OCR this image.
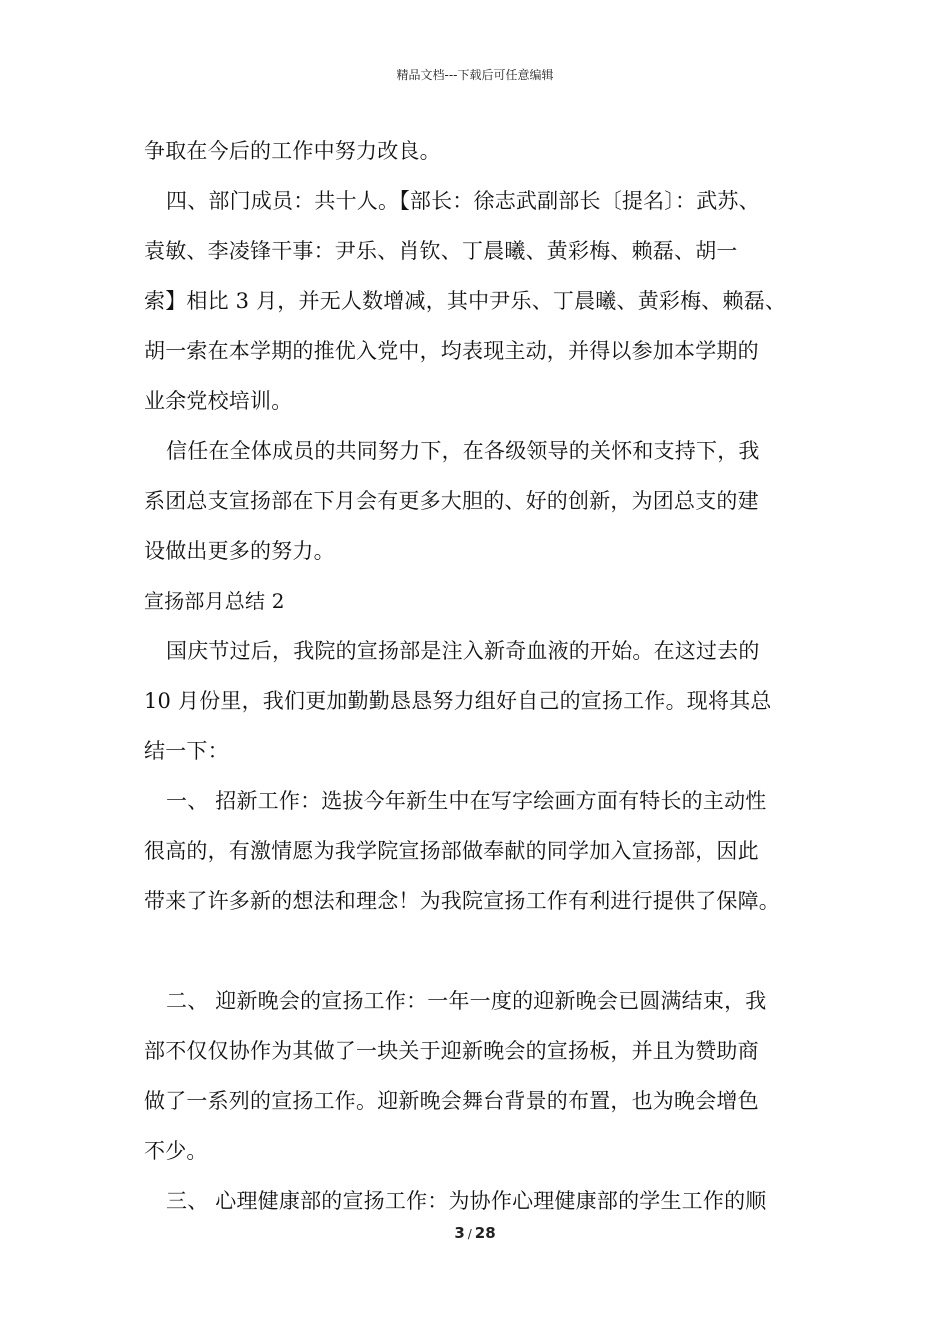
精品文档---下载后可任意编辑
争取在今后的工作中努力改良。
四、部门成员：共十人。【部长：徐志武副部长〔提名〕：武苏、
袁敏、李凌锋干事：尹乐、肖钦、丁晨曦、黄彩梅、赖磊、胡一
索】相比 3 月，并无人数增减，其中尹乐、丁晨曦、黄彩梅、赖磊、
胡一索在本学期的推优入党中，均表现主动，并得以参加本学期的
业余党校培训。
信任在全体成员的共同努力下，在各级领导的关怀和支持下，我
系团总支宣扬部在下月会有更多大胆的、好的创新，为团总支的建
设做出更多的努力。
宣扬部月总结 2
国庆节过后，我院的宣扬部是注入新奇血液的开始。在这过去的
10 月份里，我们更加勤勤恳恳努力组好自己的宣扬工作。现将其总
结一下：
一、 招新工作：选拔今年新生中在写字绘画方面有特长的主动性
很高的，有激情愿为我学院宣扬部做奉献的同学加入宣扬部，因此
带来了许多新的想法和理念！为我院宣扬工作有利进行提供了保障。
二、 迎新晚会的宣扬工作：一年一度的迎新晚会已圆满结束，我
部不仅仅协作为其做了一块关于迎新晚会的宣扬板，并且为赞助商
做了一系列的宣扬工作。迎新晚会舞台背景的布置，也为晚会增色
不少。
三、 心理健康部的宣扬工作：为协作心理健康部的学生工作的顺
3 / 28
